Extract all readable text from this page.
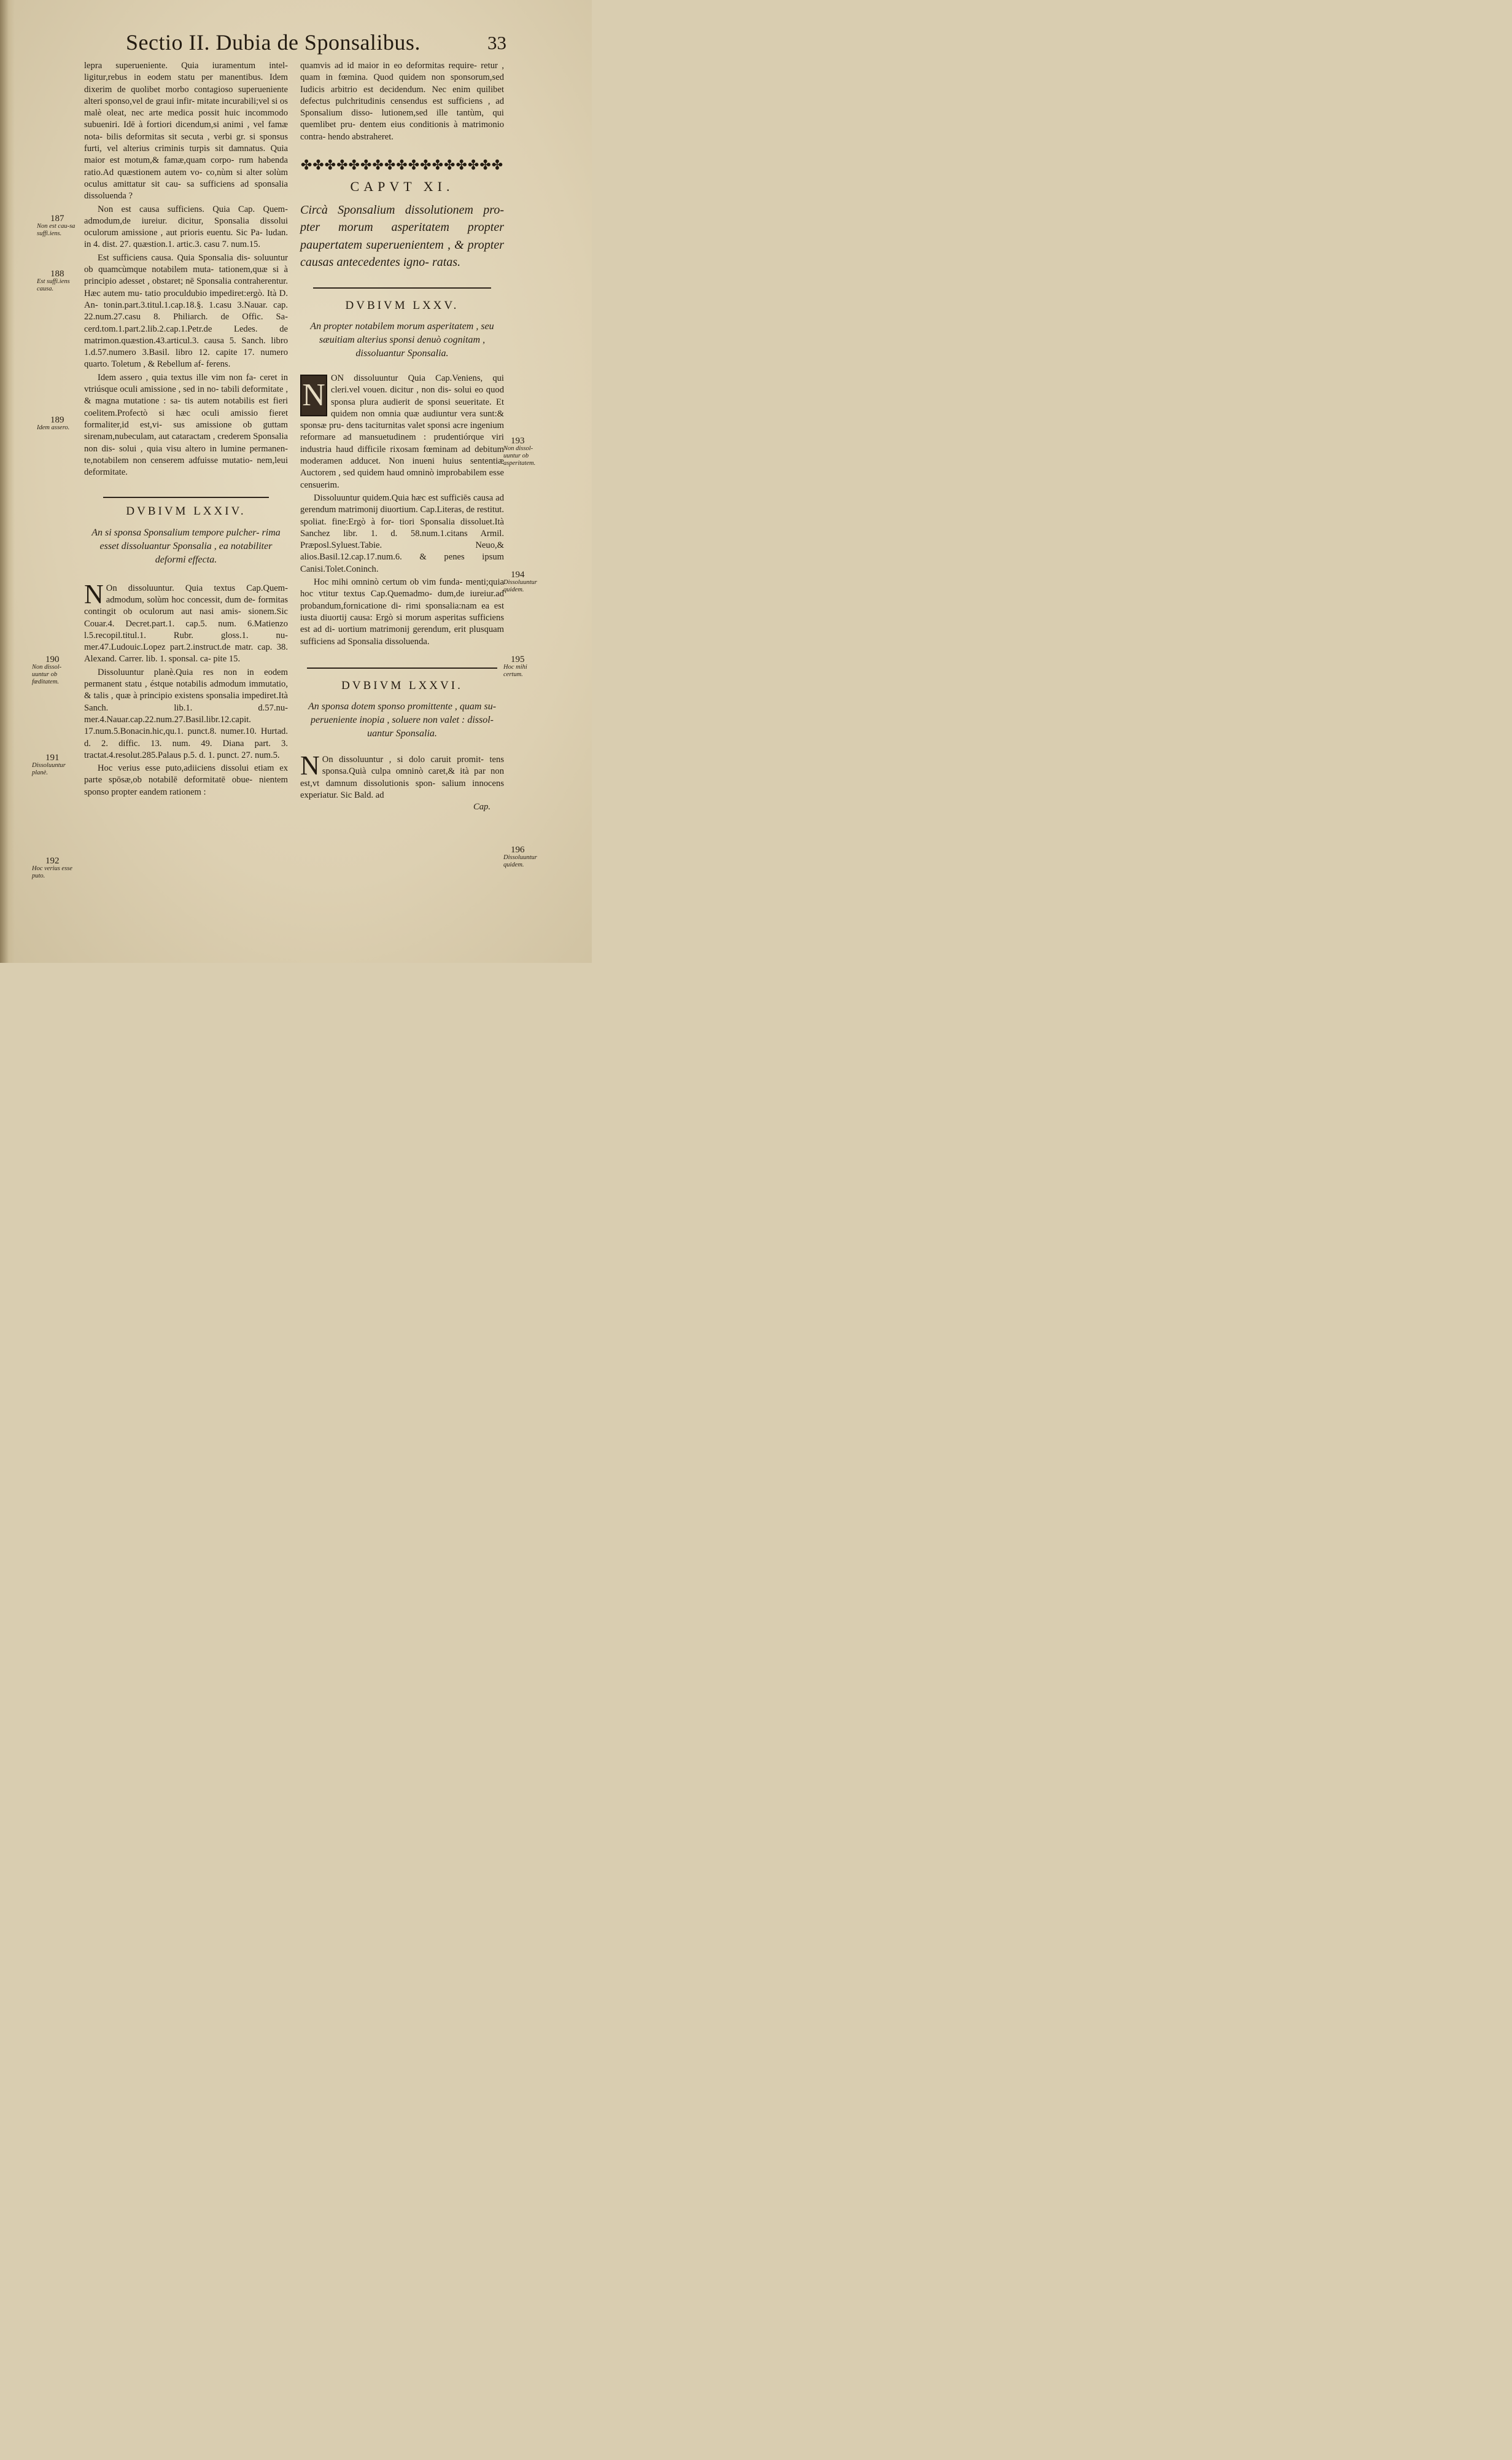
Sectio II. Dubia de Sponsalibus.	33
lepra superueniente. Quia iuramentum intel- ligitur,rebus in eodem statu per manentibus. Idem dixerim de quolibet morbo contagioso superueniente alteri sponso,vel de graui infir- mitate incurabili;vel si os malè oleat, nec arte medica possit huic incommodo subueniri. Idē à fortiori dicendum,si animi , vel famæ nota- bilis deformitas sit secuta , verbi gr. si sponsus furti, vel alterius criminis turpis sit damnatus. Quia maior est motum,& famæ,quam corpo- rum habenda ratio.Ad quæstionem autem vo- co,nùm si alter solùm oculus amittatur sit cau- sa sufficiens ad sponsalia dissoluenda ?
Non est causa sufficiens. Quia Cap. Quem- admodum,de iureiur. dicitur, Sponsalia dissolui oculorum amissione , aut prioris euentu. Sic Pa- ludan. in 4. dist. 27. quæstion.1. artic.3. casu 7. num.15.
Est sufficiens causa. Quia Sponsalia dis- soluuntur ob quamcùmque notabilem muta- tationem,quæ si à principio adesset , obstaret; nē Sponsalia contraherentur. Hæc autem mu- tatio proculdubio impediret:ergò. Ità D. An- tonin.part.3.titul.1.cap.18.§. 1.casu 3.Nauar. cap. 22.num.27.casu 8. Philiarch. de Offic. Sa- cerd.tom.1.part.2.lib.2.cap.1.Petr.de Ledes. de matrimon.quæstion.43.articul.3. causa 5. Sanch. libro 1.d.57.numero 3.Basil. libro 12. capite 17. numero quarto. Toletum , & Rebellum af- ferens.
Idem assero , quia textus ille vim non fa- ceret in vtriúsque oculi amissione , sed in no- tabili deformitate , & magna mutatione : sa- tis autem notabilis est fieri coelitem.Profectò si hæc oculi amissio fieret formaliter,id est,vi- sus amissione ob guttam sirenam,nubeculam, aut cataractam , crederem Sponsalia non dis- solui , quia visu altero in lumine permanen- te,notabilem non censerem adfuisse mutatio- nem,leui deformitate.
DVBIVM LXXIV.
An si sponsa Sponsalium tempore pulcher- rima esset dissoluantur Sponsalia , ea notabiliter deformi effecta.
N On dissoluuntur. Quia textus Cap.Quem- admodum, solùm hoc concessit, dum de- formitas contingit ob oculorum aut nasi amis- sionem.Sic Couar.4. Decret.part.1. cap.5. num. 6.Matienzo l.5.recopil.titul.1. Rubr. gloss.1. nu- mer.47.Ludouic.Lopez part.2.instruct.de matr. cap. 38. Alexand. Carrer. lib. 1. sponsal. ca- pite 15.
Dissoluuntur planè.Quia res non in eodem permanent statu , éstque notabilis admodum immutatio, & talis , quæ à principio existens sponsalia impediret.Ità Sanch. lib.1. d.57.nu- mer.4.Nauar.cap.22.num.27.Basil.libr.12.capit. 17.num.5.Bonacin.hic,qu.1. punct.8. numer.10. Hurtad. d. 2. diffic. 13. num. 49. Diana part. 3. tractat.4.resolut.285.Palaus p.5. d. 1. punct. 27. num.5.
Hoc verius esse puto,adiiciens dissolui etiam ex parte spōsæ,ob notabilē deformitatē obue- nientem sponso propter eandem rationem :
187
Non est cau-sa suffi.iens.
188
Est suffi.iens causa.
189
Idem assero.
190
Non dissol-uuntur ob fœditatem.
191
Dissoluuntur planè.
192
Hoc verius esse puto.
quamvis ad id maior in eo deformitas require- retur , quam in fœmina. Quod quidem non sponsorum,sed Iudicis arbitrio est decidendum. Nec enim quilibet defectus pulchritudinis censendus est sufficiens , ad Sponsalium disso- lutionem,sed ille tantùm, qui quemlibet pru- dentem eius conditionis à matrimonio contra- hendo abstraheret.
✤✤✤✤✤✤✤✤✤✤✤✤✤✤✤✤✤
CAPVT XI.
Circà Sponsalium dissolutionem pro- pter morum asperitatem propter paupertatem superuenientem , & propter causas antecedentes igno- ratas.
DVBIVM LXXV.
An propter notabilem morum asperitatem , seu sæuitiam alterius sponsi denuò cognitam , dissoluantur Sponsalia.
N ON dissoluuntur Quia Cap.Veniens, qui cleri.vel vouen. dicitur , non dis- solui eo quod sponsa plura audierit de sponsi seueritate. Et quidem non omnia quæ audiuntur vera sunt:& sponsæ pru- dens taciturnitas valet sponsi acre ingenium reformare ad mansuetudinem : prudentiórque viri industria haud difficile rixosam fœminam ad debitum moderamen adducet. Non inueni huius sententiæ Auctorem , sed quidem haud omninò improbabilem esse censuerim.
Dissoluuntur quidem.Quia hæc est sufficiēs causa ad gerendum matrimonij diuortium. Cap.Literas, de restitut. spoliat. fine:Ergò à for- tiori Sponsalia dissoluet.Ità Sanchez libr. 1. d. 58.num.1.citans Armil. Præposl.Syluest.Tabie. Neuo,& alios.Basil.12.cap.17.num.6. & penes ipsum Canisi.Tolet.Coninch.
Hoc mihi omninò certum ob vim funda- menti;quia hoc vtitur textus Cap.Quemadmo- dum,de iureiur.ad probandum,fornicatione di- rimi sponsalia:nam ea est iusta diuortij causa: Ergò si morum asperitas sufficiens est ad di- uortium matrimonij gerendum, erit plusquam sufficiens ad Sponsalia dissoluenda.
DVBIVM LXXVI.
An sponsa dotem sponso promittente , quam su- perueniente inopia , soluere non valet : dissol- uantur Sponsalia.
N On dissoluuntur , si dolo caruit promit- tens sponsa.Quià culpa omninò caret,& ità par non est,vt damnum dissolutionis spon- salium innocens experiatur. Sic Bald. ad
Cap.
193
Non dissol-uuntur ob asperitatem.
194
Dissoluuntur quidem.
195
Hoc mihi certum.
196
Dissoluuntur quidem.
